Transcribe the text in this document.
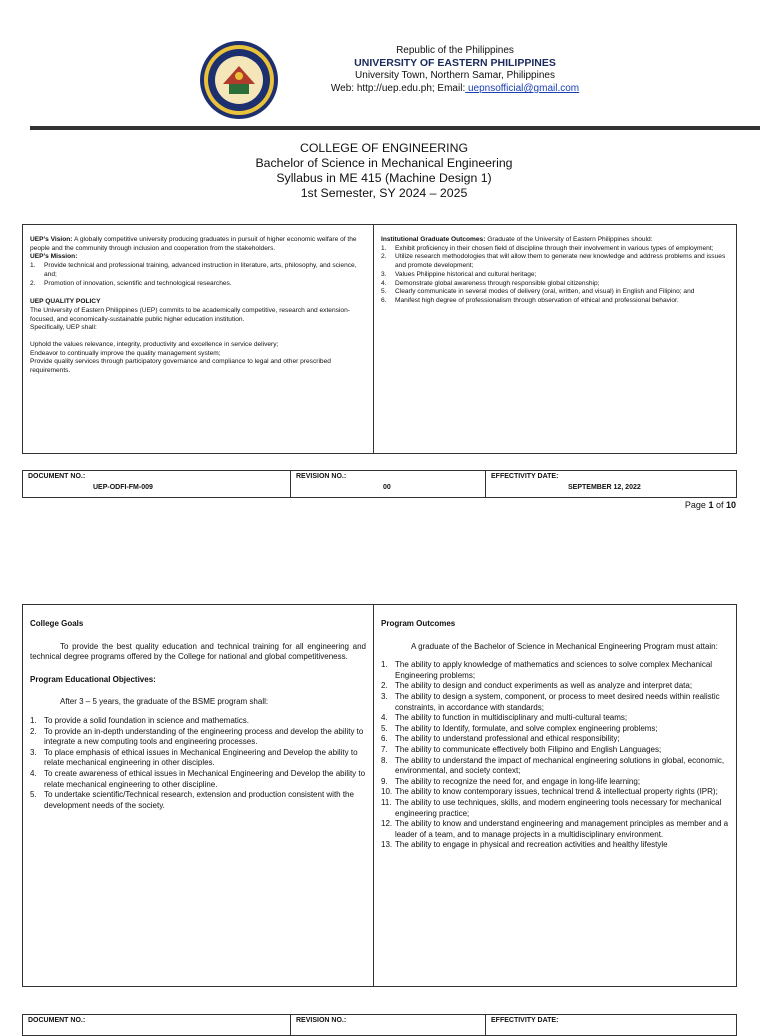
Republic of the Philippines
UNIVERSITY OF EASTERN PHILIPPINES
University Town, Northern Samar, Philippines
Web: http://uep.edu.ph; Email: uepnsofficial@gmail.com
COLLEGE OF ENGINEERING
Bachelor of Science in Mechanical Engineering
Syllabus in ME 415 (Machine Design 1)
1st Semester, SY 2024 – 2025

UEP’s Vision: A globally competitive university producing graduates in pursuit of higher economic welfare of the people and the community through inclusion and cooperation from the stakeholders.

UEP’s Mission:

1. Provide technical and professional training, advanced instruction in literature, arts, philosophy, and science, and;
2. Promotion of innovation, scientific and technological researches.

UEP QUALITY POLICY

The University of Eastern Philippines (UEP) commits to be academically competitive, research and extension-focused, and economically-sustainable public higher education institution.

Specifically, UEP shall:

Uphold the values relevance, integrity, productivity and excellence in service delivery;

Endeavor to continually improve the quality management system;

Provide quality services through participatory governance and compliance to legal and other prescribed requirements.

Institutional Graduate Outcomes: Graduate of the University of Eastern Philippines should:

1. Exhibit proficiency in their chosen field of discipline through their involvement in various types of employment;
2. Utilize research methodologies that will allow them to generate new knowledge and address problems and issues and promote development;
3. Values Philippine historical and cultural heritage;
4. Demonstrate global awareness through responsible global citizenship;
5. Clearly communicate in several modes of delivery (oral, written, and visual) in English and Filipino; and
6. Manifest high degree of professionalism through observation of ethical and professional behavior.
DOCUMENT NO.:
UEP-ODFI-FM-009
REVISION NO.:
00
EFFECTIVITY DATE:
SEPTEMBER 12, 2022
Page 1 of 10

College Goals

To provide the best quality education and technical training for all engineering and technical degree programs offered by the College for national and global competitiveness.

Program Educational Objectives:

After 3 – 5 years, the graduate of the BSME program shall:

1. To provide a solid foundation in science and mathematics.
2. To provide an in-depth understanding of the engineering process and develop the ability to integrate a new computing tools and engineering processes.
3. To place emphasis of ethical issues in Mechanical Engineering and Develop the ability to relate mechanical engineering in other disciples.
4. To create awareness of ethical issues in Mechanical Engineering and Develop the ability to relate mechanical engineering to other discipline.
5. To undertake scientific/Technical research, extension and production consistent with the development needs of the society.

Program Outcomes

A graduate of the Bachelor of Science in Mechanical Engineering Program must attain:

1. The ability to apply knowledge of mathematics and sciences to solve complex Mechanical Engineering problems;
2. The ability to design and conduct experiments as well as analyze and interpret data;
3. The ability to design a system, component, or process to meet desired needs within realistic constraints, in accordance with standards;
4. The ability to function in multidisciplinary and multi-cultural teams;
5. The ability to Identify, formulate, and solve complex engineering problems;
6. The ability to understand professional and ethical responsibility;
7. The ability to communicate effectively both Filipino and English Languages;
8. The ability to understand the impact of mechanical engineering solutions in global, economic, environmental, and society context;
9. The ability to recognize the need for, and engage in long-life learning;
10. The ability to know contemporary issues, technical trend & intellectual property rights (IPR);
11. The ability to use techniques, skills, and modern engineering tools necessary for mechanical engineering practice;
12. The ability to know and understand engineering and management principles as member and a leader of a team, and to manage projects in a multidisciplinary environment.
13. The ability to engage in physical and recreation activities and healthy lifestyle
DOCUMENT NO.:	REVISION NO.:	EFFECTIVITY DATE:
